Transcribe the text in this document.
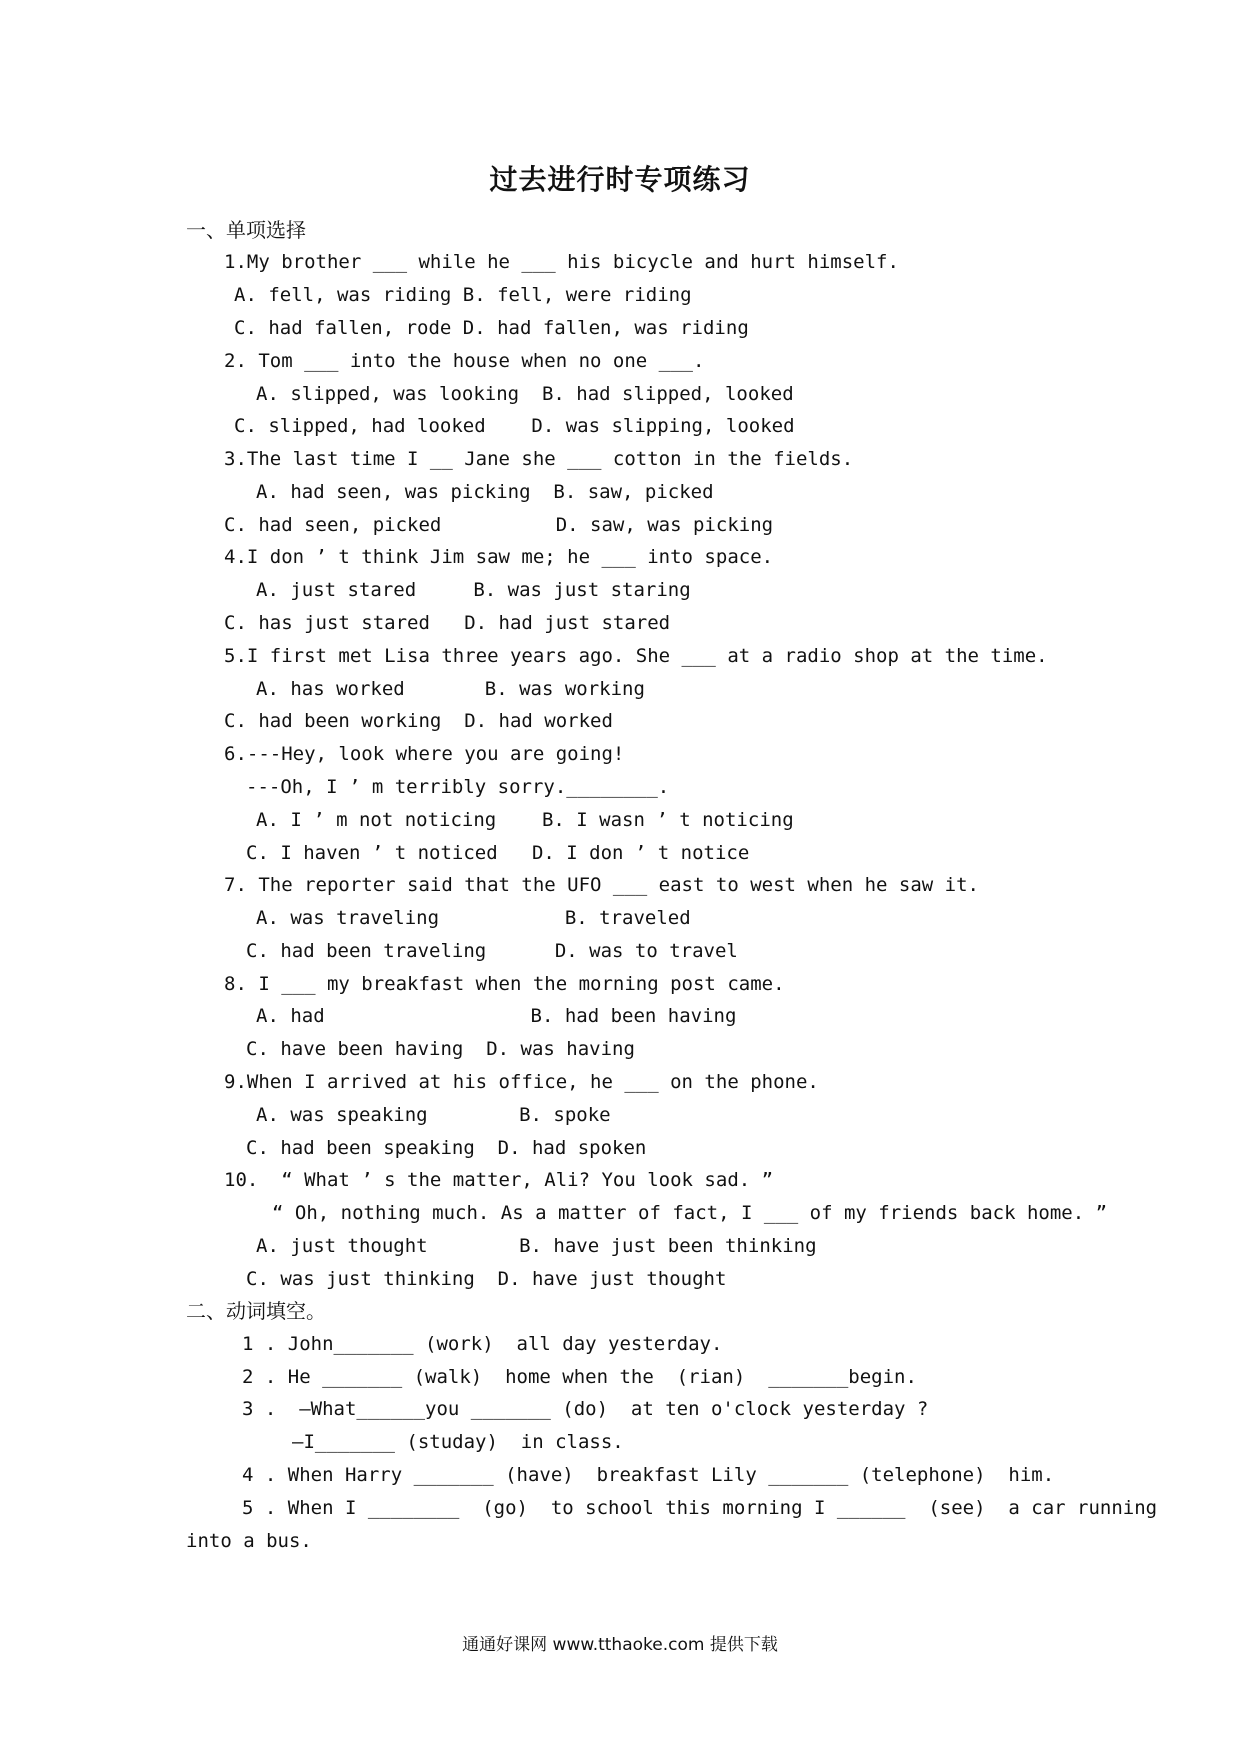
过去进行时专项练习
一、单项选择
1.My brother ___ while he ___ his bicycle and hurt himself.
A. fell, was riding B. fell, were riding
C. had fallen, rode D. had fallen, was riding
2. Tom ___ into the house when no one ___.
A. slipped, was looking  B. had slipped, looked
C. slipped, had looked    D. was slipping, looked
3.The last time I __ Jane she ___ cotton in the fields.
A. had seen, was picking  B. saw, picked
C. had seen, picked          D. saw, was picking
4.I don ’ t think Jim saw me; he ___ into space.
A. just stared     B. was just staring
C. has just stared   D. had just stared
5.I first met Lisa three years ago. She ___ at a radio shop at the time.
A. has worked       B. was working
C. had been working  D. had worked
6.---Hey, look where you are going!
---Oh, I ’ m terribly sorry.________.
A. I ’ m not noticing    B. I wasn ’ t noticing
C. I haven ’ t noticed   D. I don ’ t notice
7. The reporter said that the UFO ___ east to west when he saw it.
A. was traveling           B. traveled
C. had been traveling      D. was to travel
8. I ___ my breakfast when the morning post came.
A. had                  B. had been having
C. have been having  D. was having
9.When I arrived at his office, he ___ on the phone.
A. was speaking        B. spoke
C. had been speaking  D. had spoken
10.  “ What ’ s the matter, Ali? You look sad. ”
“ Oh, nothing much. As a matter of fact, I ___ of my friends back home. ”
A. just thought        B. have just been thinking
C. was just thinking  D. have just thought
二、动词填空。
1 . John_______ (work)  all day yesterday.
2 . He _______ (walk)  home when the  (rian)  _______begin.
3 .  —What______you _______ (do)  at ten o'clock yesterday ?
—I_______ (studay)  in class.
4 . When Harry _______ (have)  breakfast Lily _______ (telephone)  him.
5 . When I ________  (go)  to school this morning I ______  (see)  a car running
into a bus.
通通好课网 www.tthaoke.com 提供下载
